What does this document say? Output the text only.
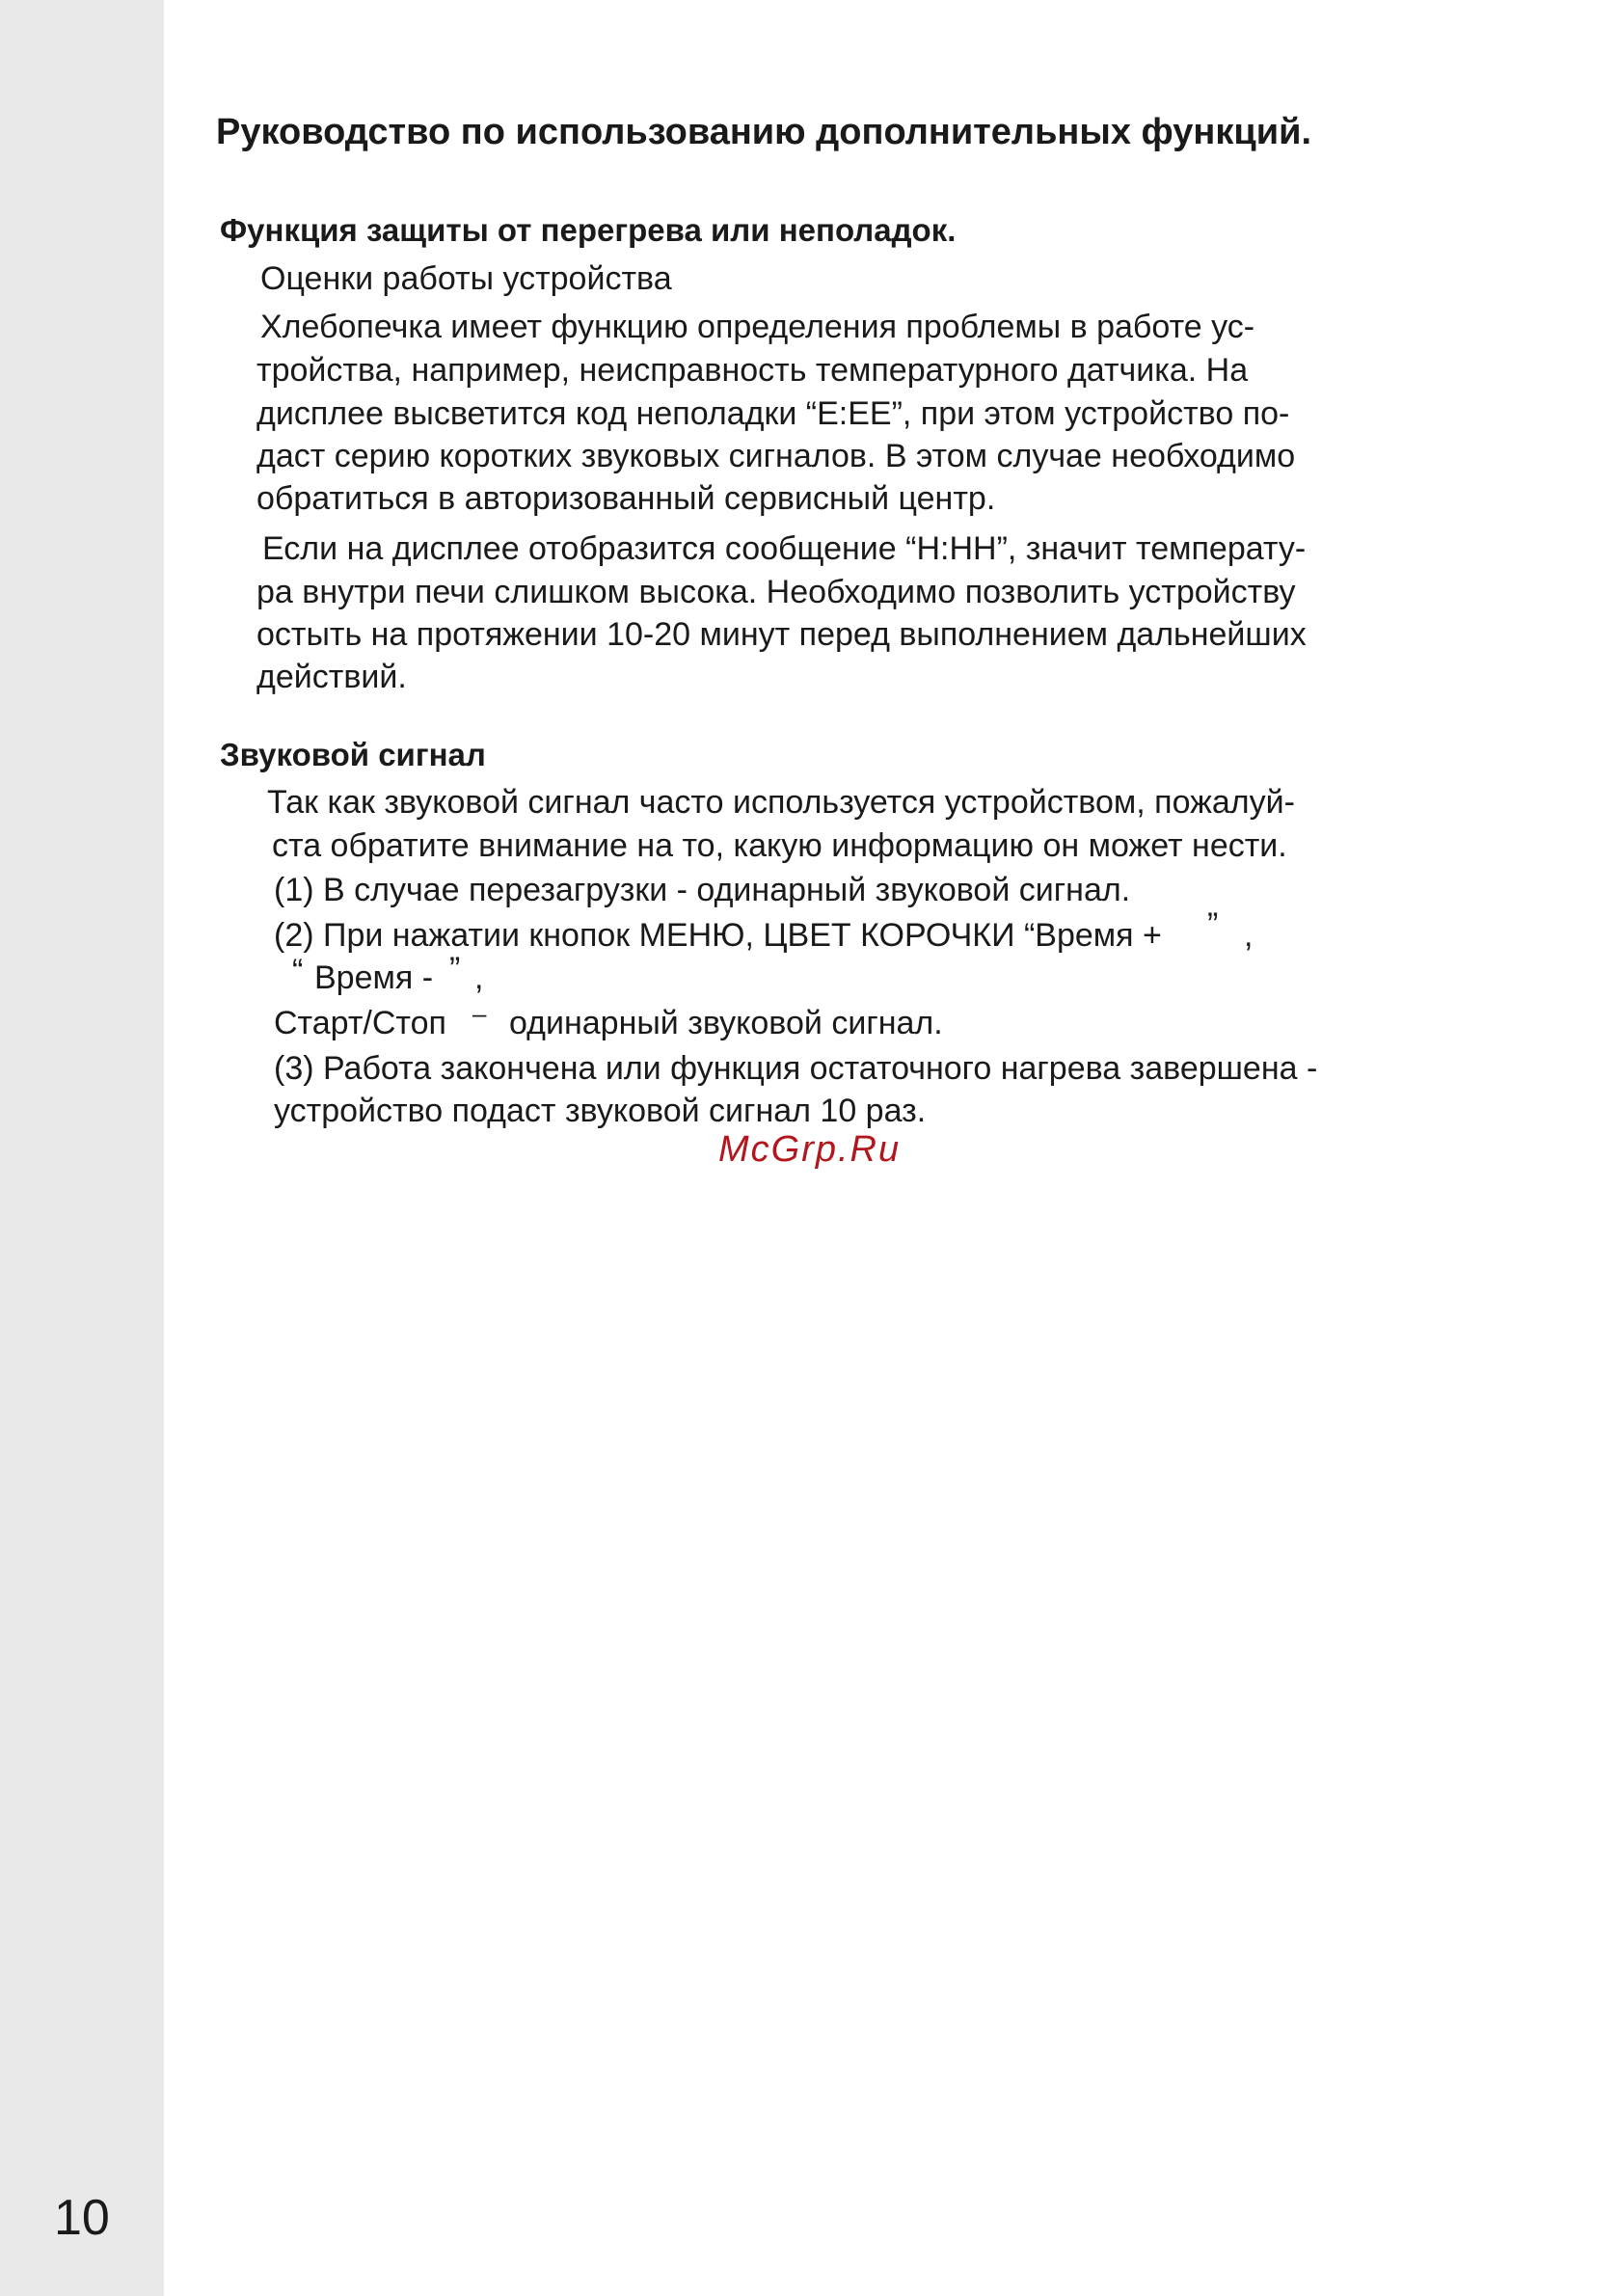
10
Руководство по использованию дополнительных функций.
Функция защиты от перегрева или неполадок.
Оценки работы устройства
Хлебопечка имеет функцию определения проблемы в работе ус-
тройства, например, неисправность температурного датчика. На
дисплее высветится код неполадки “E:EE”, при этом устройство по-
даст серию коротких звуковых сигналов. В этом случае необходимо
обратиться в авторизованный сервисный центр.
Если на дисплее отобразится сообщение “H:HH”, значит температу-
ра внутри печи слишком высока. Необходимо позволить устройству
остыть на протяжении 10-20 минут перед выполнением дальнейших
действий.
Звуковой сигнал
Так как звуковой сигнал часто используется устройством, пожалуй-
ста обратите внимание на то, какую информацию он может нести.
(1) В случае перезагрузки - одинарный звуковой сигнал.
(2) При нажатии кнопок МЕНЮ, ЦВЕТ КОРОЧКИ “Время + ” ,
“ Время - ” ,
Старт/Стоп – одинарный звуковой сигнал.
(3) Работа закончена или функция остаточного нагрева завершена -
устройство подаст звуковой сигнал 10 раз.
McGrp.Ru
